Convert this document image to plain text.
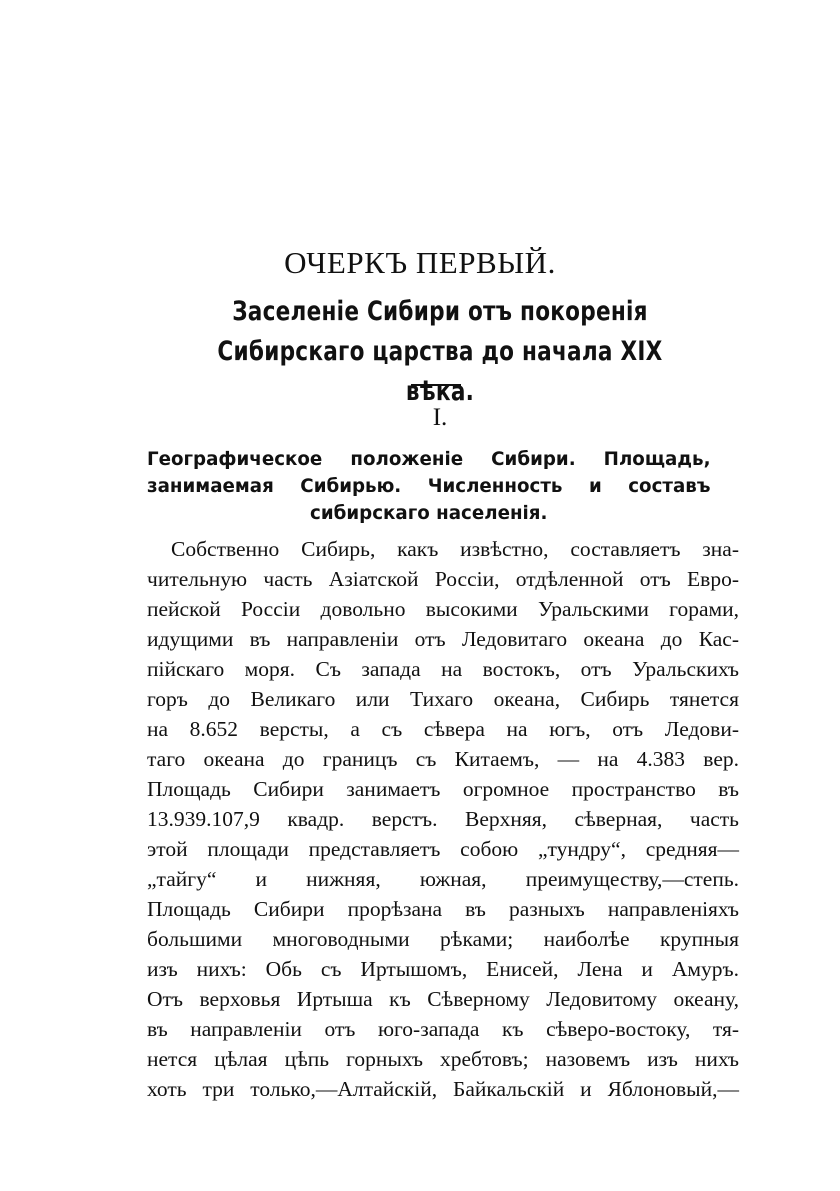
ОЧЕРКЪ ПЕРВЫЙ.
Заселеніе Сибири отъ покоренія Сибирскаго царства до начала XIX вѣка.
I.
Географическое положеніе Сибири. Площадь, занимаемая Сибирью. Численность и составъ сибирскаго населенія.
Собственно Сибирь, какъ извѣстно, составляетъ зна-
чительную часть Азіатской Россіи, отдѣленной отъ Евро-
пейской Россіи довольно высокими Уральскими горами,
идущими въ направленіи отъ Ледовитаго океана до Кас-
пійскаго моря. Съ запада на востокъ, отъ Уральскихъ
горъ до Великаго или Тихаго океана, Сибирь тянется
на 8.652 версты, а съ сѣвера на югъ, отъ Ледови-
таго океана до границъ съ Китаемъ, — на 4.383 вер.
Площадь Сибири занимаетъ огромное пространство въ
13.939.107,9 квадр. верстъ. Верхняя, сѣверная, часть
этой площади представляетъ собою „тундру“, средняя—
„тайгу“ и нижняя, южная, преимуществу,—степь.
Площадь Сибири прорѣзана въ разныхъ направленіяхъ
большими многоводными рѣками; наиболѣе крупныя
изъ нихъ: Обь съ Иртышомъ, Енисей, Лена и Амуръ.
Отъ верховья Иртыша къ Сѣверному Ледовитому океану,
въ направленіи отъ юго-запада къ сѣверо-востоку, тя-
нется цѣлая цѣпь горныхъ хребтовъ; назовемъ изъ нихъ
хоть три только,—Алтайскій, Байкальскій и Яблоновый,—
